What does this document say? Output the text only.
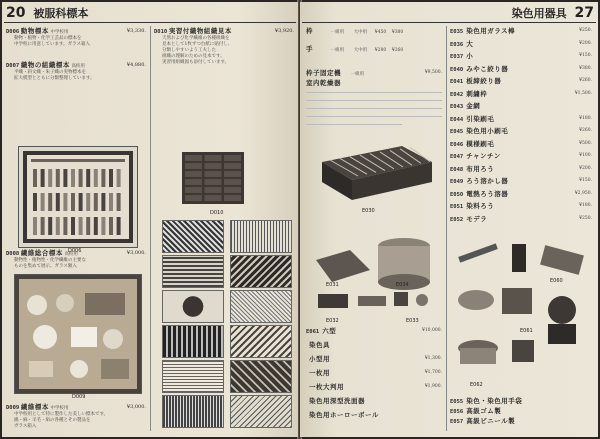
20 被服科標本
D006 動物標本 中学校用	¥3,330.
動物・植物・化学工芸品の標本を
中学校に用意しています。ガラス箱入
D007 織物の組織標本 高校用	¥4,880.
平織・斜文織・朱子織の実物標本を
拡大模型とともに分類整理しています。
D006
D008 繊維総合標本 高校用	¥3,000.
動物性・植物性・化学繊維の主要な
ものを集めて展示。ガラス額入
D009
D009 繊維標本 中学校用	¥3,000.
中学校用として特に製作した美しい標本です。
綿・麻・羊毛・絹の各種とその製品を
ガラス箱入
D010 実習付織物組織見本	¥3,920.
天然および化学繊維の各種組織を
見本として1枚ずつ台紙に貼付し、
分類しやすいよう工夫した
組織の理解のための見本です。
実習用組織図も添付しています。
D010
染色用器具 27
枠	一組用 大中用 ¥450 ¥380
手	一組用 大中用 ¥280 ¥260
枠子固定機 一組用	¥9,500.
室内乾燥器
E030
E031	E034
E032	E033
E061 六型	¥10,000.
染色具
小型用	¥1,300.
一枚用	¥1,700.
一枚大判用	¥1,900.
染色用深型洗面器
染色用ホーローボール
E035 染色用ガラス棒	¥250.
E036 大	¥200.
E037 小	¥150.
E040 みやこ絞り器	¥380.
E041 板締絞り器	¥260.
E042 刺繍枠	¥1,500.
E043 金網
E044 引染刷毛	¥180.
E045 染色用小刷毛	¥260.
E046 模様刷毛	¥500.
E047 チャンチン	¥100.
E048 布用ろう	¥200.
E049 ろう溶かし器	¥150.
E050 電熱ろう溶器	¥2,950.
E051 染料ろう	¥180.
E052 モデラ	¥250.
E060
E061
E062
E055 染色・染色用手袋
E056 高級ゴム製
E057 高級ビニール製
